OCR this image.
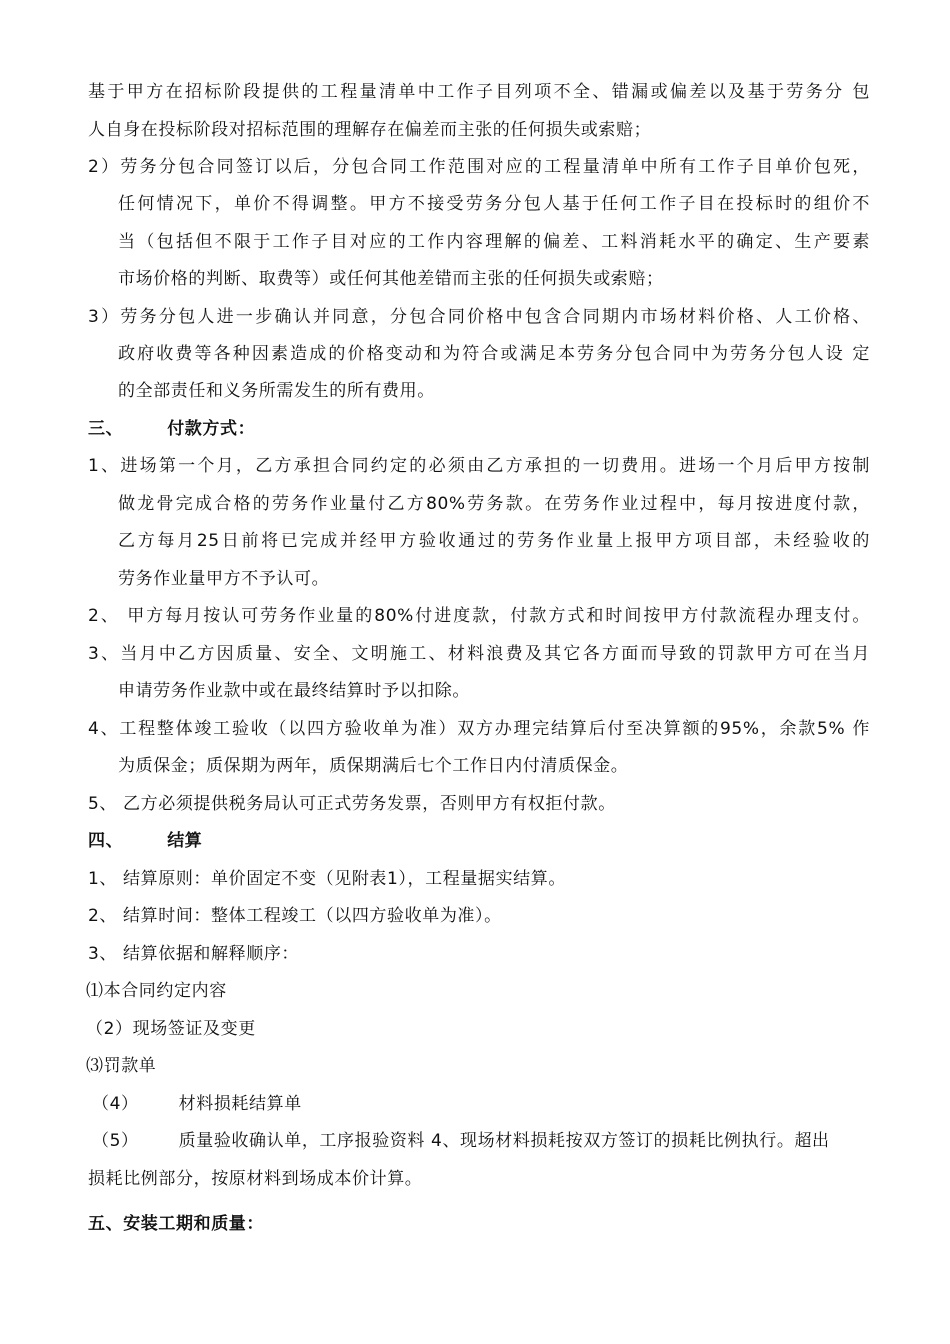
基于甲方在招标阶段提供的工程量清单中工作子目列项不全、错漏或偏差以及基于劳务分 包
人自身在投标阶段对招标范围的理解存在偏差而主张的任何损失或索赔；
2）劳务分包合同签订以后，分包合同工作范围对应的工程量清单中所有工作子目单价包死，
任何情况下，单价不得调整。甲方不接受劳务分包人基于任何工作子目在投标时的组价不
当（包括但不限于工作子目对应的工作内容理解的偏差、工料消耗水平的确定、生产要素
市场价格的判断、取费等）或任何其他差错而主张的任何损失或索赔；
3）劳务分包人进一步确认并同意，分包合同价格中包含合同期内市场材料价格、人工价格、
政府收费等各种因素造成的价格变动和为符合或满足本劳务分包合同中为劳务分包人设 定
的全部责任和义务所需发生的所有费用。
三、	付款方式：
1、进场第一个月，乙方承担合同约定的必须由乙方承担的一切费用。进场一个月后甲方按制
做龙骨完成合格的劳务作业量付乙方80%劳务款。在劳务作业过程中，每月按进度付款，
乙方每月25日前将已完成并经甲方验收通过的劳务作业量上报甲方项目部，未经验收的
劳务作业量甲方不予认可。
2、 甲方每月按认可劳务作业量的80%付进度款，付款方式和时间按甲方付款流程办理支付。
3、当月中乙方因质量、安全、文明施工、材料浪费及其它各方面而导致的罚款甲方可在当月
申请劳务作业款中或在最终结算时予以扣除。
4、工程整体竣工验收（以四方验收单为准）双方办理完结算后付至决算额的95%，余款5% 作
为质保金；质保期为两年，质保期满后七个工作日内付清质保金。
5、 乙方必须提供税务局认可正式劳务发票，否则甲方有权拒付款。
四、	结算
1、 结算原则：单价固定不变（见附表1），工程量据实结算。
2、 结算时间：整体工程竣工（以四方验收单为准）。
3、 结算依据和解释顺序：
⑴本合同约定内容
（2）现场签证及变更
⑶罚款单
（4） 材料损耗结算单
（5） 质量验收确认单，工序报验资料 4、现场材料损耗按双方签订的损耗比例执行。超出
损耗比例部分，按原材料到场成本价计算。
五、安装工期和质量：
